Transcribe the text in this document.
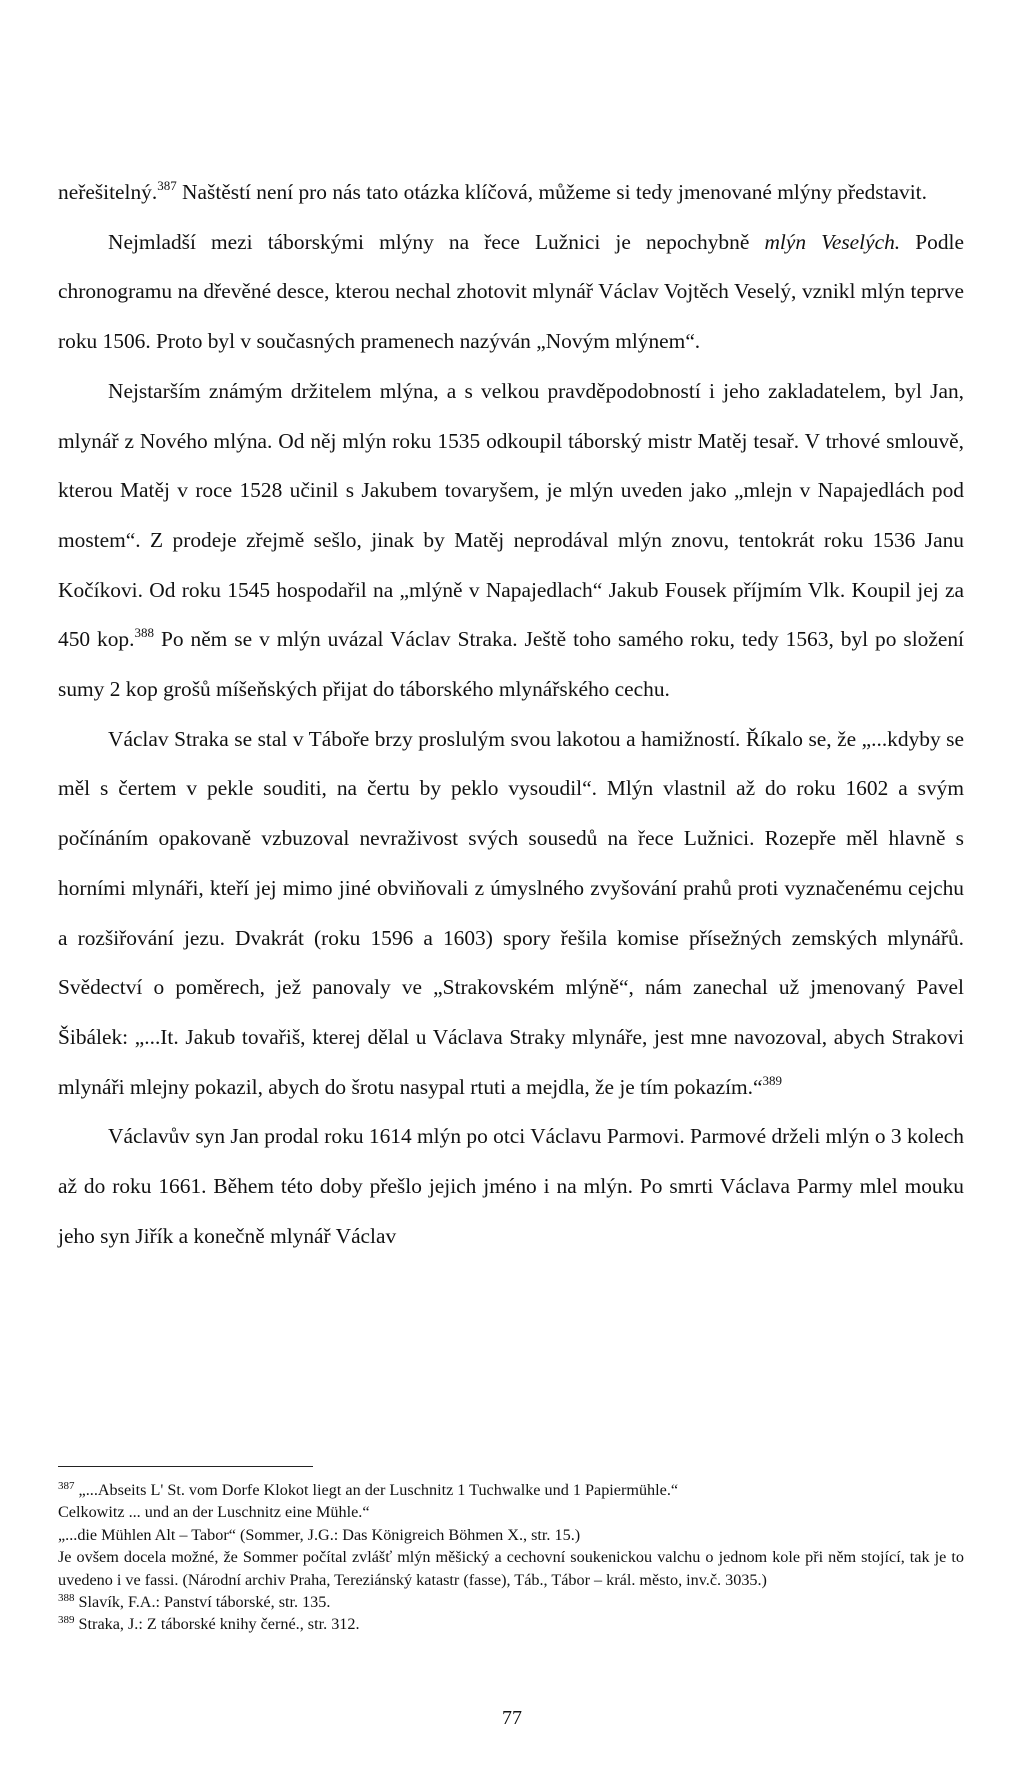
neřešitelný.$^{387}$ Naštěstí není pro nás tato otázka klíčová, můžeme si tedy jmenované mlýny představit.

Nejmladší mezi táborskými mlýny na řece Lužnici je nepochybně mlýn Veselých. Podle chronogramu na dřevěné desce, kterou nechal zhotovit mlynář Václav Vojtěch Veselý, vznikl mlýn teprve roku 1506. Proto byl v současných pramenech nazýván „Novým mlýnem“.

Nejstarším známým držitelem mlýna, a s velkou pravděpodobností i jeho zakladatelem, byl Jan, mlynář z Nového mlýna. Od něj mlýn roku 1535 odkoupil táborský mistr Matěj tesař. V trhové smlouvě, kterou Matěj v roce 1528 učinil s Jakubem tovaryšem, je mlýn uveden jako „mlejn v Napajedlách pod mostem“. Z prodeje zřejmě sešlo, jinak by Matěj neprodával mlýn znovu, tentokrát roku 1536 Janu Kočíkovi. Od roku 1545 hospodařil na „mlýně v Napajedlach“ Jakub Fousek příjmím Vlk. Koupil jej za 450 kop.$^{388}$ Po něm se v mlýn uvázal Václav Straka. Ještě toho samého roku, tedy 1563, byl po složení sumy 2 kop grošů míšeňských přijat do táborského mlynářského cechu.

Václav Straka se stal v Táboře brzy proslulým svou lakotou a hamižností. Říkalo se, že „...kdyby se měl s čertem v pekle souditi, na čertu by peklo vysoudil“. Mlýn vlastnil až do roku 1602 a svým počínáním opakovaně vzbuzoval nevraživost svých sousedů na řece Lužnici. Rozepře měl hlavně s horními mlynáři, kteří jej mimo jiné obviňovali z úmyslného zvyšování prahů proti vyznačenému cejchu a rozšiřování jezu. Dvakrát (roku 1596 a 1603) spory řešila komise přísežných zemských mlynářů. Svědectví o poměrech, jež panovaly ve „Strakovském mlýně“, nám zanechal už jmenovaný Pavel Šibálek: „...It. Jakub tovařiš, kterej dělal u Václava Straky mlynáře, jest mne navozoval, abych Strakovi mlynáři mlejny pokazil, abych do šrotu nasypal rtuti a mejdla, že je tím pokazím.“$^{389}$

Václavův syn Jan prodal roku 1614 mlýn po otci Václavu Parmovi. Parmové drželi mlýn o 3 kolech až do roku 1661. Během této doby přešlo jejich jméno i na mlýn. Po smrti Václava Parmy mlel mouku jeho syn Jiřík a konečně mlynář Václav

$^{387}$ „...Abseits L' St. vom Dorfe Klokot liegt an der Luschnitz 1 Tuchwalke und 1 Papiermühle.“

Celkowitz ... und an der Luschnitz eine Mühle.“

„...die Mühlen Alt – Tabor“ (Sommer, J.G.: Das Königreich Böhmen X., str. 15.)

Je ovšem docela možné, že Sommer počítal zvlášť mlýn měšický a cechovní soukenickou valchu o jednom kole při něm stojící, tak je to uvedeno i ve fassi. (Národní archiv Praha, Tereziánský katastr (fasse), Táb., Tábor – král. město, inv.č. 3035.)

$^{388}$ Slavík, F.A.: Panství táborské, str. 135.

$^{389}$ Straka, J.: Z táborské knihy černé., str. 312.

77
